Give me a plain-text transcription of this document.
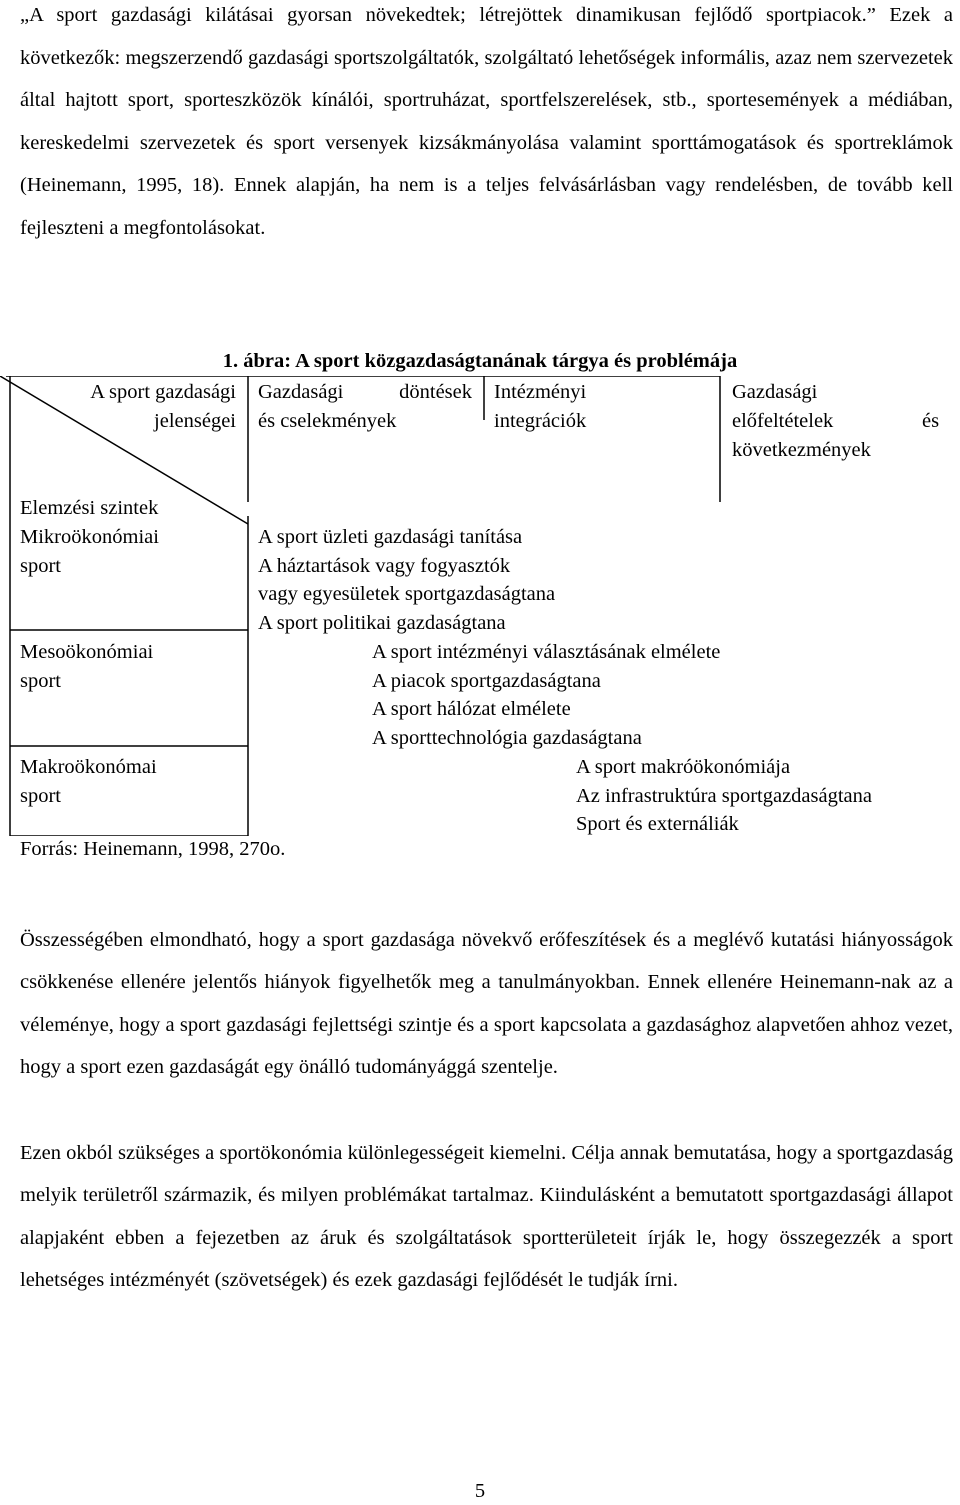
„A sport gazdasági kilátásai gyorsan növekedtek; létrejöttek dinamikusan fejlődő sportpiacok.” Ezek a következők: megszerzendő gazdasági sportszolgáltatók, szolgáltató lehetőségek informális, azaz nem szervezetek által hajtott sport, sporteszközök kínálói, sportruházat, sportfelszerelések, stb., sportesemények a médiában, kereskedelmi szervezetek és sport versenyek kizsákmányolása valamint sporttámogatások és sportreklámok (Heinemann, 1995, 18). Ennek alapján, ha nem is a teljes felvásárlásban vagy rendelésben, de tovább kell fejleszteni a megfontolásokat.

1. ábra: A sport közgazdaságtanának tárgya és problémája

A sport gazdasági
jelenségei
Elemzési szintek
Gazdasági döntések
és cselekmények
Intézményi
integrációk
Gazdasági
előfeltételek	és
következmények
Mikroökonómiai
sport
A sport üzleti gazdasági tanítása
A háztartások vagy fogyasztók
vagy egyesületek sportgazdaságtana
A sport politikai gazdaságtana
Mesoökonómiai
sport
A sport intézményi választásának elmélete
A piacok sportgazdaságtana
A sport hálózat elmélete
A sporttechnológia gazdaságtana
Makroökonómai
sport
A sport makróökonómiája
Az infrastruktúra sportgazdaságtana
Sport és externáliák
Forrás: Heinemann, 1998, 270o.

Összességében elmondható, hogy a sport gazdasága növekvő erőfeszítések és a meglévő kutatási hiányosságok csökkenése ellenére jelentős hiányok figyelhetők meg a tanulmányokban. Ennek ellenére Heinemann-nak az a véleménye, hogy a sport gazdasági fejlettségi szintje és a sport kapcsolata a gazdasághoz alapvetően ahhoz vezet, hogy a sport ezen gazdaságát egy önálló tudományággá szentelje.

Ezen okból szükséges a sportökonómia különlegességeit kiemelni. Célja annak bemutatása, hogy a sportgazdaság melyik területről származik, és milyen problémákat tartalmaz. Kiindulásként a bemutatott sportgazdasági állapot alapjaként ebben a fejezetben az áruk és szolgáltatások sportterületeit írják le, hogy összegezzék a sport lehetséges intézményét (szövetségek) és ezek gazdasági fejlődését le tudják írni.

5
